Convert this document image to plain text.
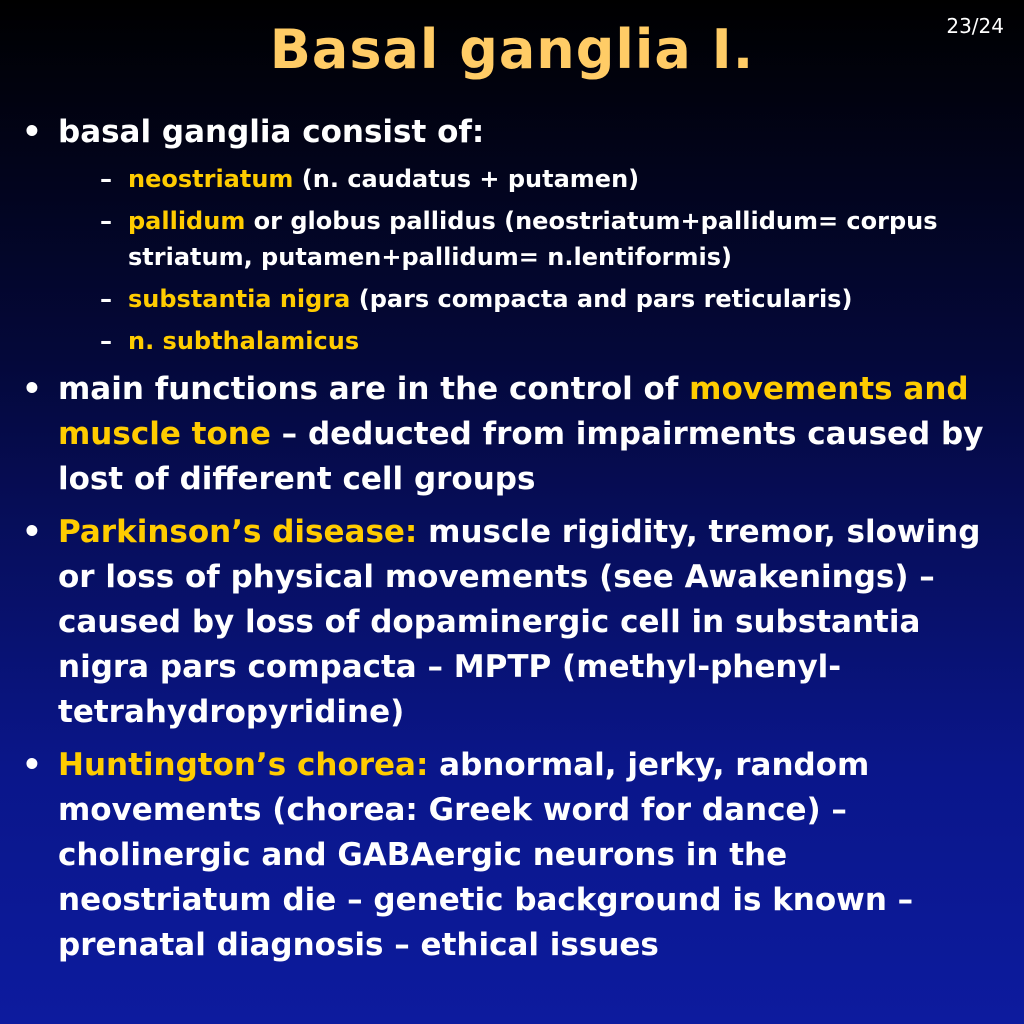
Basal ganglia I.	23/24
• basal ganglia consist of:
– neostriatum (n. caudatus + putamen)
– pallidum or globus pallidus (neostriatum+pallidum= corpus striatum, putamen+pallidum= n.lentiformis)
– substantia nigra (pars compacta and pars reticularis)
– n. subthalamicus
• main functions are in the control of movements and muscle tone – deducted from impairments caused by lost of different cell groups
• Parkinson’s disease: muscle rigidity, tremor, slowing or loss of physical movements (see Awakenings) – caused by loss of dopaminergic cell in substantia nigra pars compacta – MPTP (methyl-phenyl-tetrahydropyridine)
• Huntington’s chorea: abnormal, jerky, random movements (chorea: Greek word for dance) – cholinergic and GABAergic neurons in the neostriatum die – genetic background is known – prenatal diagnosis – ethical issues
